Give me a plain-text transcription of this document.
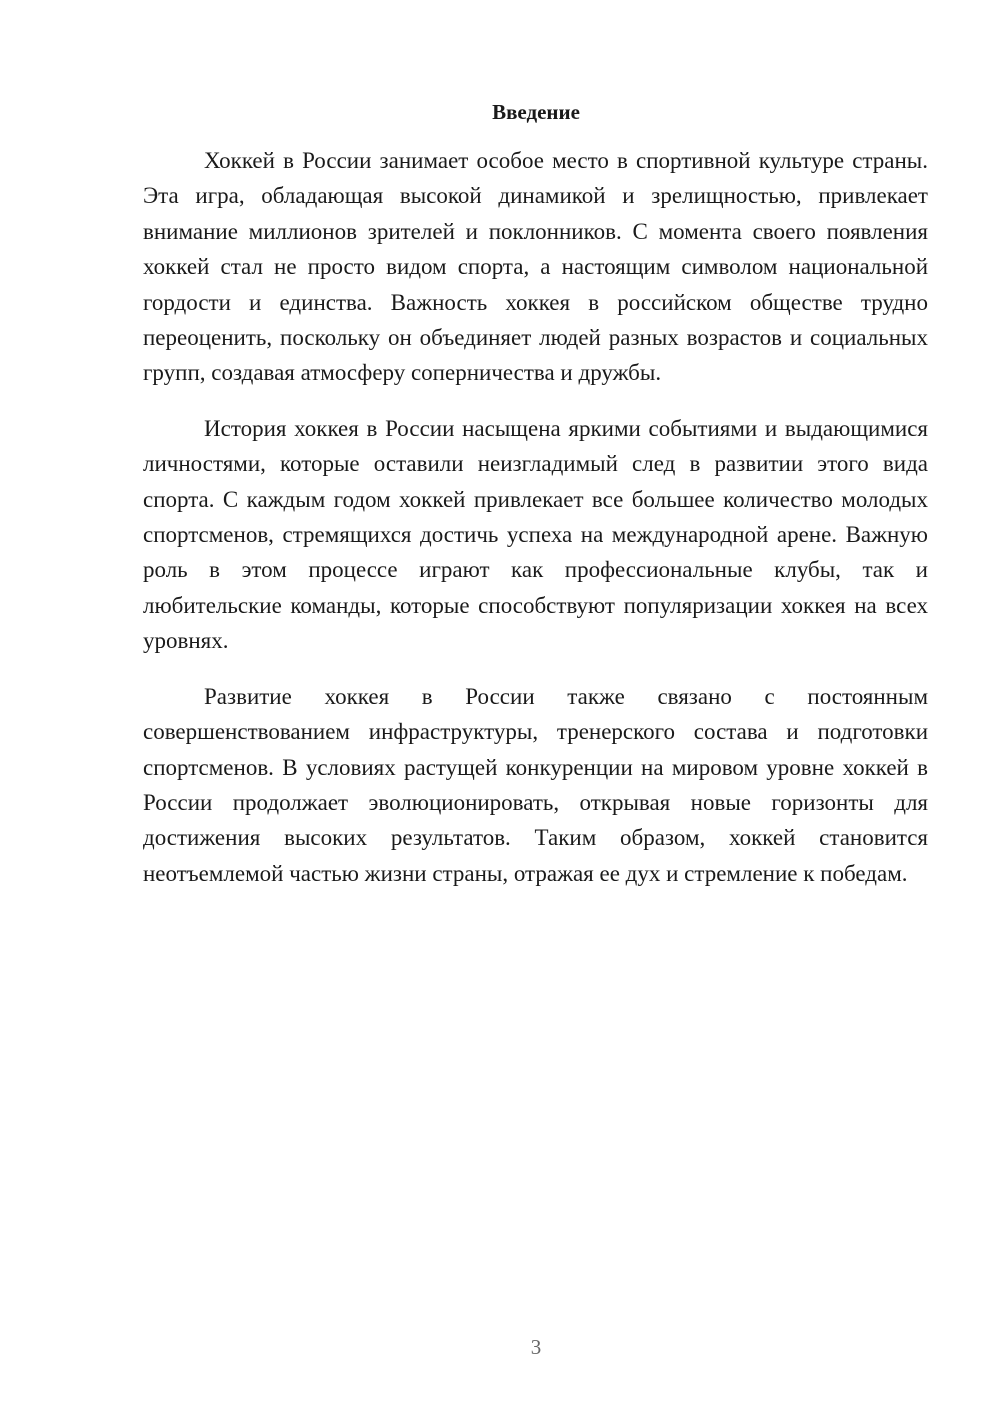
Введение

Хоккей в России занимает особое место в спортивной культуре страны. Эта игра, обладающая высокой динамикой и зрелищностью, привлекает внимание миллионов зрителей и поклонников. С момента своего появления хоккей стал не просто видом спорта, а настоящим символом национальной гордости и единства. Важность хоккея в российском обществе трудно переоценить, поскольку он объединяет людей разных возрастов и социальных групп, создавая атмосферу соперничества и дружбы.

История хоккея в России насыщена яркими событиями и выдающимися личностями, которые оставили неизгладимый след в развитии этого вида спорта. С каждым годом хоккей привлекает все большее количество молодых спортсменов, стремящихся достичь успеха на международной арене. Важную роль в этом процессе играют как профессиональные клубы, так и любительские команды, которые способствуют популяризации хоккея на всех уровнях.

Развитие хоккея в России также связано с постоянным совершенствованием инфраструктуры, тренерского состава и подготовки спортсменов. В условиях растущей конкуренции на мировом уровне хоккей в России продолжает эволюционировать, открывая новые горизонты для достижения высоких результатов. Таким образом, хоккей становится неотъемлемой частью жизни страны, отражая ее дух и стремление к победам.

3
